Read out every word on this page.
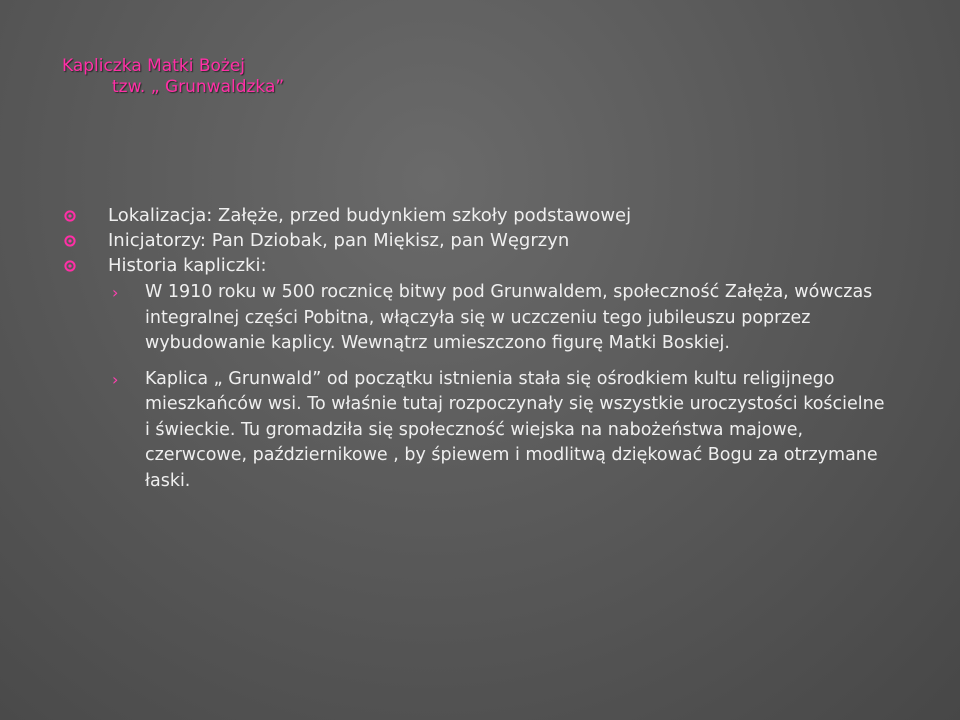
Kapliczka Matki Bożej
tzw. „ Grunwaldzka”
Lokalizacja: Załęże, przed budynkiem szkoły podstawowej
Inicjatorzy: Pan Dziobak, pan Miękisz, pan Węgrzyn
Historia kapliczki:
› W 1910 roku w 500 rocznicę bitwy pod Grunwaldem, społeczność Załęża, wówczas integralnej części Pobitna, włączyła się w uczczeniu tego jubileuszu poprzez wybudowanie kaplicy. Wewnątrz umieszczono figurę Matki Boskiej.
› Kaplica „ Grunwald” od początku istnienia stała się ośrodkiem kultu religijnego mieszkańców wsi. To właśnie tutaj rozpoczynały się wszystkie uroczystości kościelne i świeckie. Tu gromadziła się społeczność wiejska na nabożeństwa majowe, czerwcowe, październikowe , by śpiewem i modlitwą dziękować Bogu za otrzymane łaski.
